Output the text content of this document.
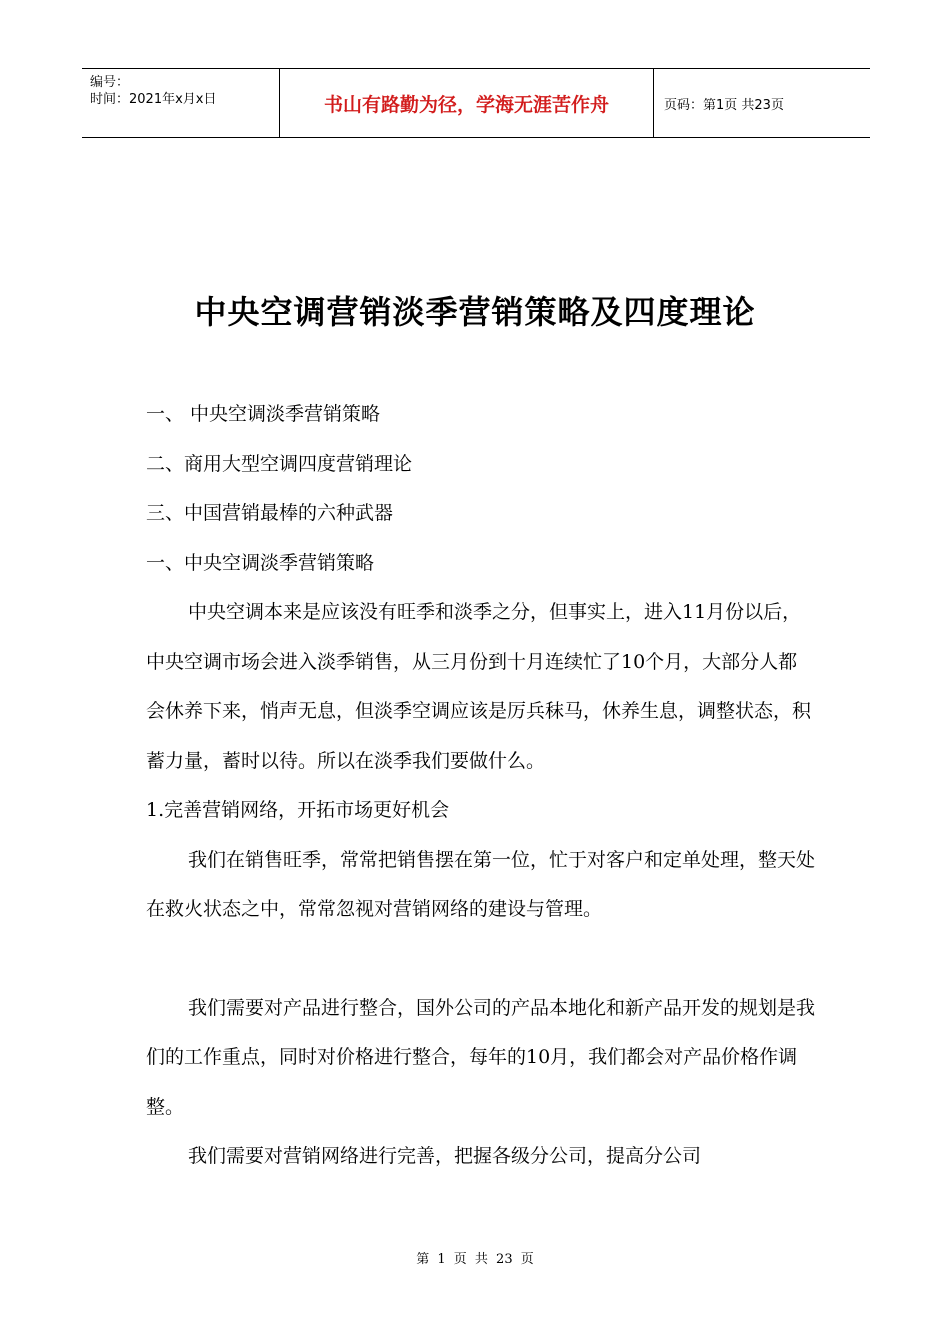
编号：
时间：2021年x月x日	书山有路勤为径，学海无涯苦作舟	页码：第1页 共23页
中央空调营销淡季营销策略及四度理论

一、 中央空调淡季营销策略

二、商用大型空调四度营销理论

三、中国营销最棒的六种武器

一、中央空调淡季营销策略

中央空调本来是应该没有旺季和淡季之分，但事实上，进入11月份以后，中央空调市场会进入淡季销售，从三月份到十月连续忙了10个月，大部分人都会休养下来，悄声无息，但淡季空调应该是厉兵秣马，休养生息，调整状态，积蓄力量，蓄时以待。所以在淡季我们要做什么。

1.完善营销网络，开拓市场更好机会

我们在销售旺季，常常把销售摆在第一位，忙于对客户和定单处理，整天处在救火状态之中，常常忽视对营销网络的建设与管理。

我们需要对产品进行整合，国外公司的产品本地化和新产品开发的规划是我们的工作重点，同时对价格进行整合，每年的10月，我们都会对产品价格作调整。

我们需要对营销网络进行完善，把握各级分公司，提高分公司

第 1 页 共 23 页
